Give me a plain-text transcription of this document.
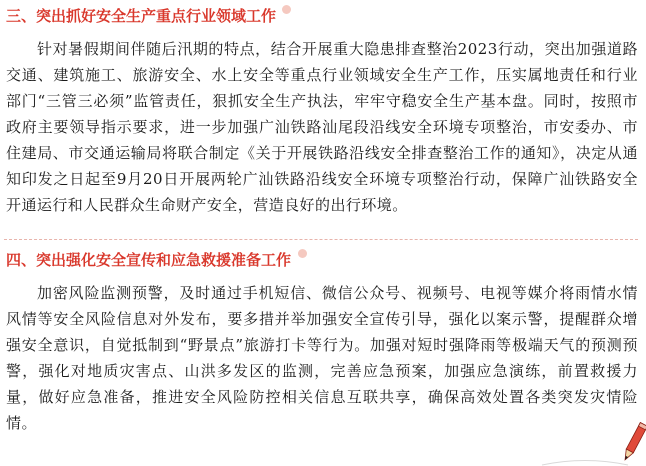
三、突出抓好安全生产重点行业领域工作

针对暑假期间伴随后汛期的特点，结合开展重大隐患排查整治2023行动，突出加强道路交通、建筑施工、旅游安全、水上安全等重点行业领域安全生产工作，压实属地责任和行业部门“三管三必须”监管责任，狠抓安全生产执法，牢牢守稳安全生产基本盘。同时，按照市政府主要领导指示要求，进一步加强广汕铁路汕尾段沿线安全环境专项整治，市安委办、市住建局、市交通运输局将联合制定《关于开展铁路沿线安全排查整治工作的通知》，决定从通知印发之日起至9月20日开展两轮广汕铁路沿线安全环境专项整治行动，保障广汕铁路安全开通运行和人民群众生命财产安全，营造良好的出行环境。

四、突出强化安全宣传和应急救援准备工作

加密风险监测预警，及时通过手机短信、微信公众号、视频号、电视等媒介将雨情水情风情等安全风险信息对外发布，要多措并举加强安全宣传引导，强化以案示警，提醒群众增强安全意识，自觉抵制到“野景点”旅游打卡等行为。加强对短时强降雨等极端天气的预测预警，强化对地质灾害点、山洪多发区的监测，完善应急预案，加强应急演练，前置救援力量，做好应急准备，推进安全风险防控相关信息互联共享，确保高效处置各类突发灾情险情。
